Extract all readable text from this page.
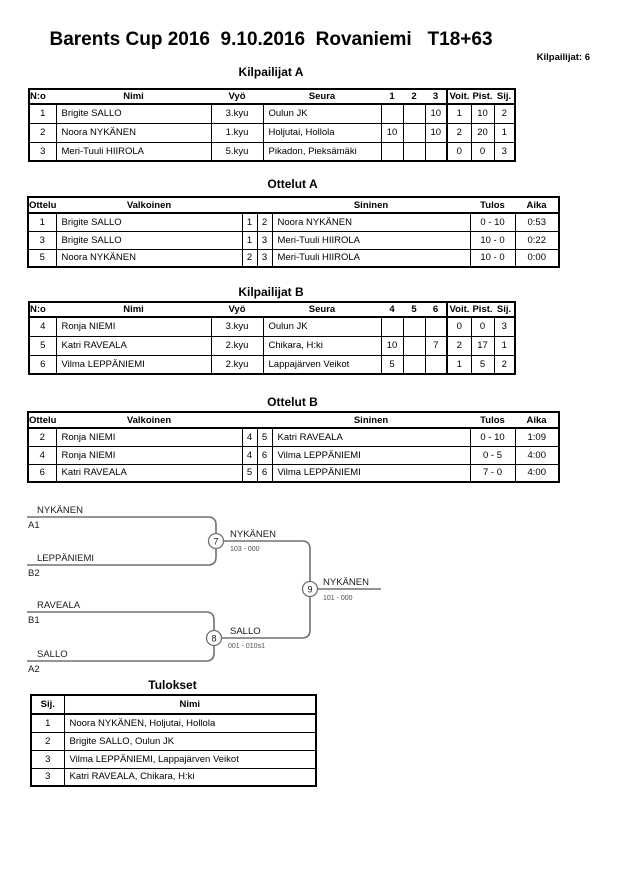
Barents Cup 2016  9.10.2016  Rovaniemi   T18+63
Kilpailijat: 6
Kilpailijat A
N:o	Nimi	Vyö	Seura	1	2	3	Voit.	Pist.	Sij.
1	Brigite SALLO	3.kyu	Oulun JK			10	1	10	2
2	Noora NYKÄNEN	1.kyu	Holjutai, Hollola	10		10	2	20	1
3	Meri-Tuuli HIIROLA	5.kyu	Pikadon, Pieksämäki				0	0	3
Ottelut A
Ottelu	Valkoinen			Sininen	Tulos	Aika
1	Brigite SALLO	1	2	Noora NYKÄNEN	0 - 10	0:53
3	Brigite SALLO	1	3	Meri-Tuuli HIIROLA	10 - 0	0:22
5	Noora NYKÄNEN	2	3	Meri-Tuuli HIIROLA	10 - 0	0:00
Kilpailijat B
N:o	Nimi	Vyö	Seura	4	5	6	Voit.	Pist.	Sij.
4	Ronja NIEMI	3.kyu	Oulun JK				0	0	3
5	Katri RAVEALA	2.kyu	Chikara, H:ki	10		7	2	17	1
6	Vilma LEPPÄNIEMI	2.kyu	Lappajärven Veikot	5			1	5	2
Ottelut B
Ottelu	Valkoinen			Sininen	Tulos	Aika
2	Ronja NIEMI	4	5	Katri RAVEALA	0 - 10	1:09
4	Ronja NIEMI	4	6	Vilma LEPPÄNIEMI	0 - 5	4:00
6	Katri RAVEALA	5	6	Vilma LEPPÄNIEMI	7 - 0	4:00
7
8
9
NYKÄNEN
A1
LEPPÄNIEMI
B2
RAVEALA
B1
SALLO
A2
NYKÄNEN
103 - 000
SALLO
001 - 010s1
NYKÄNEN
101 - 000
Tulokset
Sij.	Nimi
1	Noora NYKÄNEN, Holjutai, Hollola
2	Brigite SALLO, Oulun JK
3	Vilma LEPPÄNIEMI, Lappajärven Veikot
3	Katri RAVEALA, Chikara, H:ki
